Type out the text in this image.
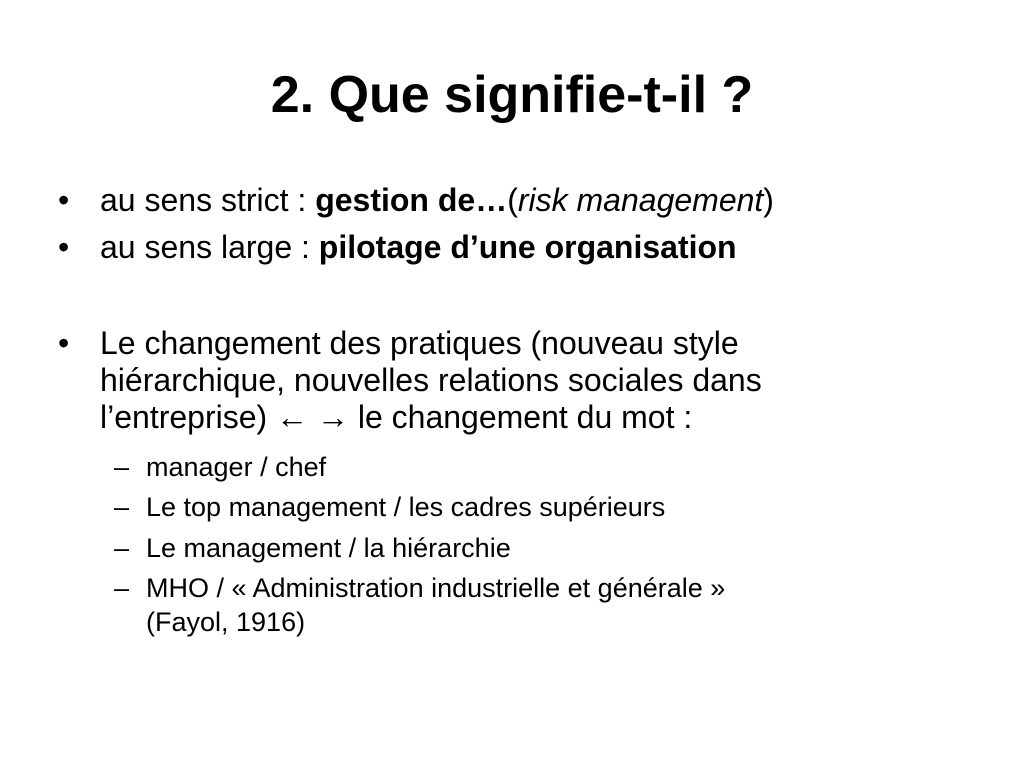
2. Que signifie-t-il ?
• au sens strict : gestion de…(risk management)
• au sens large : pilotage d’une organisation
• Le changement des pratiques (nouveau style
hiérarchique, nouvelles relations sociales dans
l’entreprise) ← → le changement du mot :
– manager / chef
– Le top management / les cadres supérieurs
– Le management / la hiérarchie
– MHO / « Administration industrielle et générale »
(Fayol, 1916)
